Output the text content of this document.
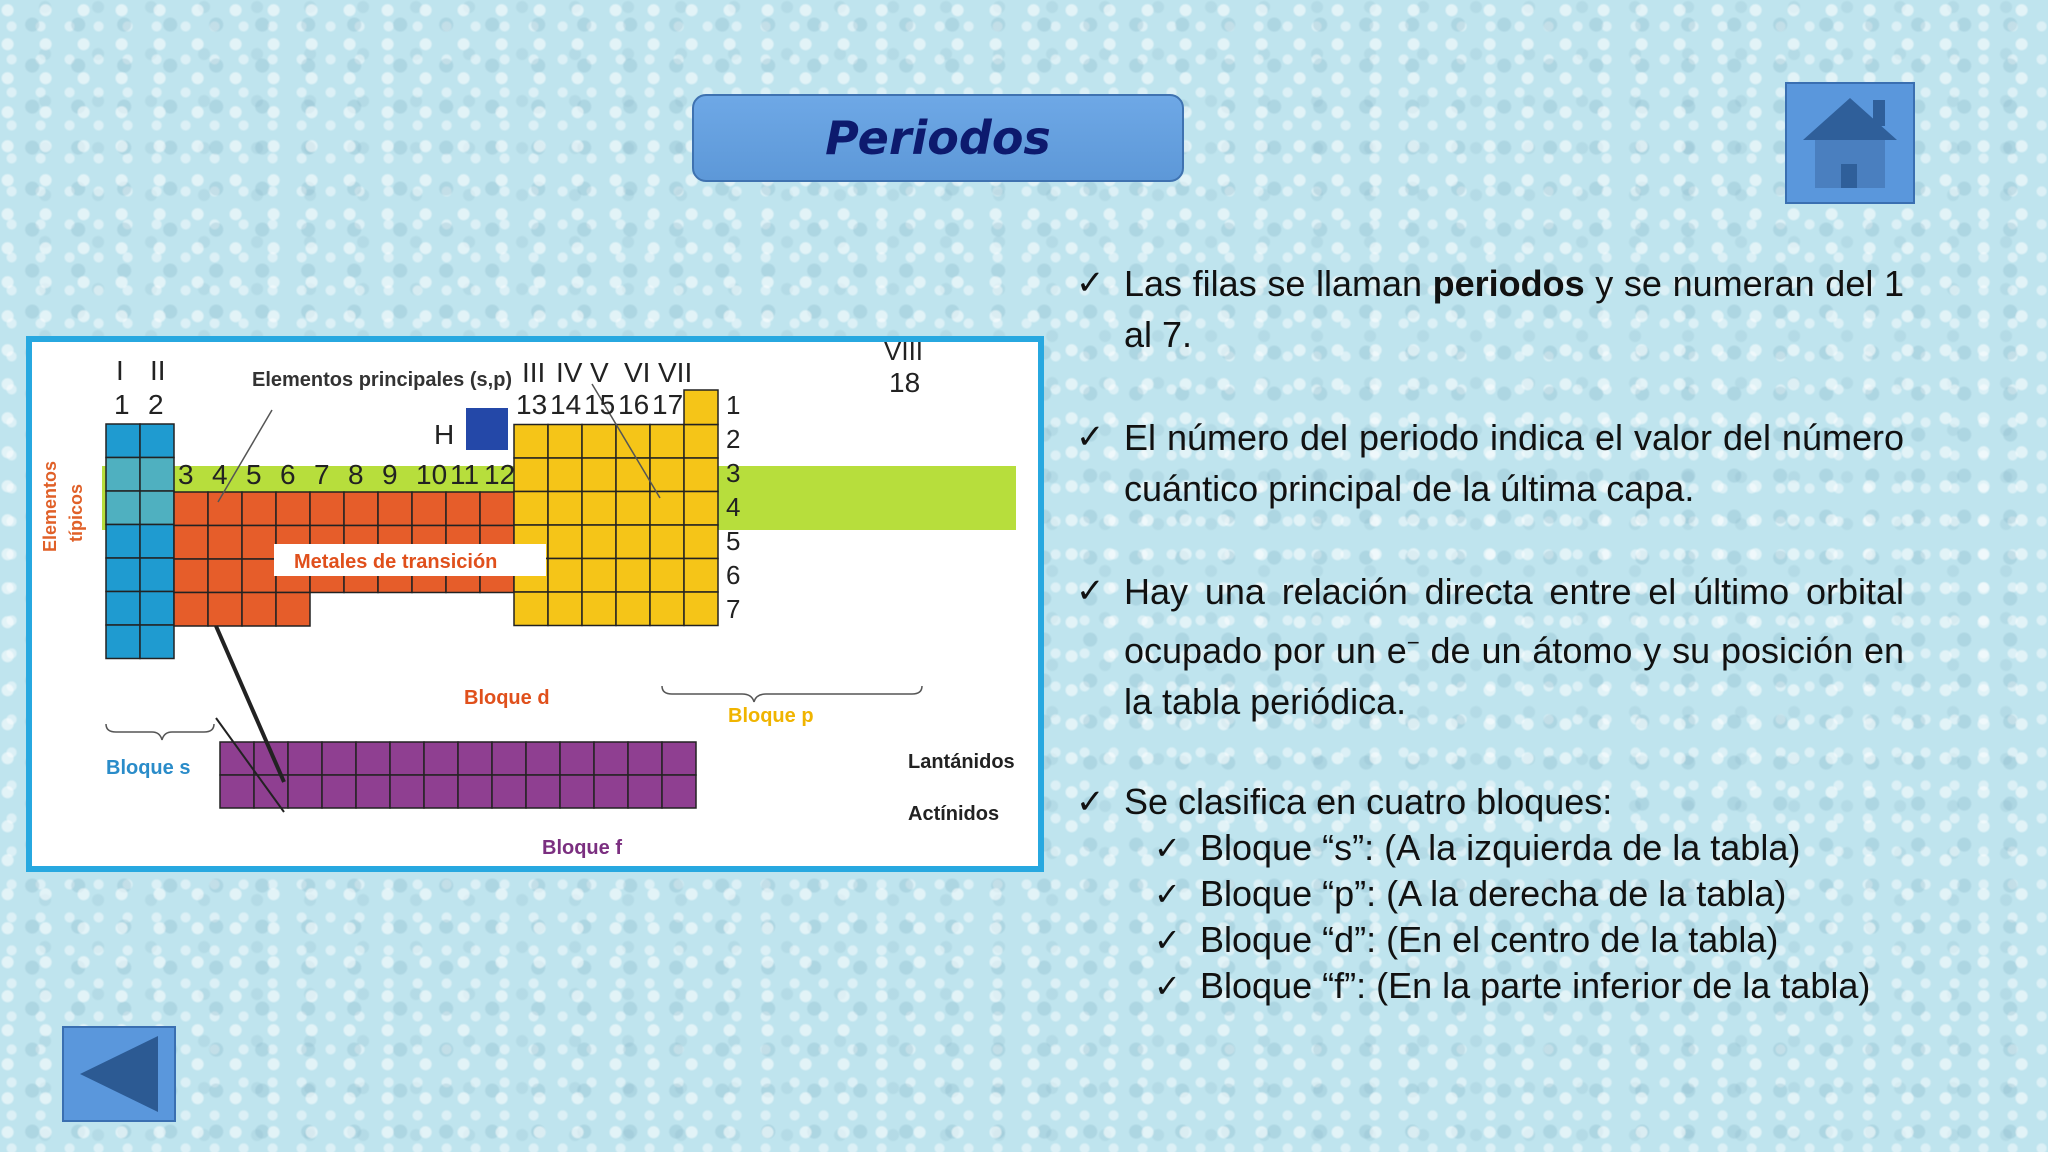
Periodos
H
Elementos principales (s,p)
Elementos típicos
I II
1 2
III IV V VI VII
13 14 15 16 17
3 4 5 6 7 8 9 10 11 12
1
2
3
4
5
6
7
VIII
18
Metales de transición
Bloque s
Bloque d
Bloque p
Bloque f
Lantánidos
Actínidos
✓ Las filas se llaman periodos y se numeran del 1 al 7.
✓ El número del periodo indica el valor del número cuántico principal de la última capa.
✓ Hay una relación directa entre el último orbital ocupado por un e− de un átomo y su posición en la tabla periódica.
✓ Se clasifica en cuatro bloques:
✓ Bloque “s”: (A la izquierda de la tabla)
✓ Bloque “p”: (A la derecha de la tabla)
✓ Bloque “d”: (En el centro de la tabla)
✓ Bloque “f”: (En la parte inferior de la tabla)
